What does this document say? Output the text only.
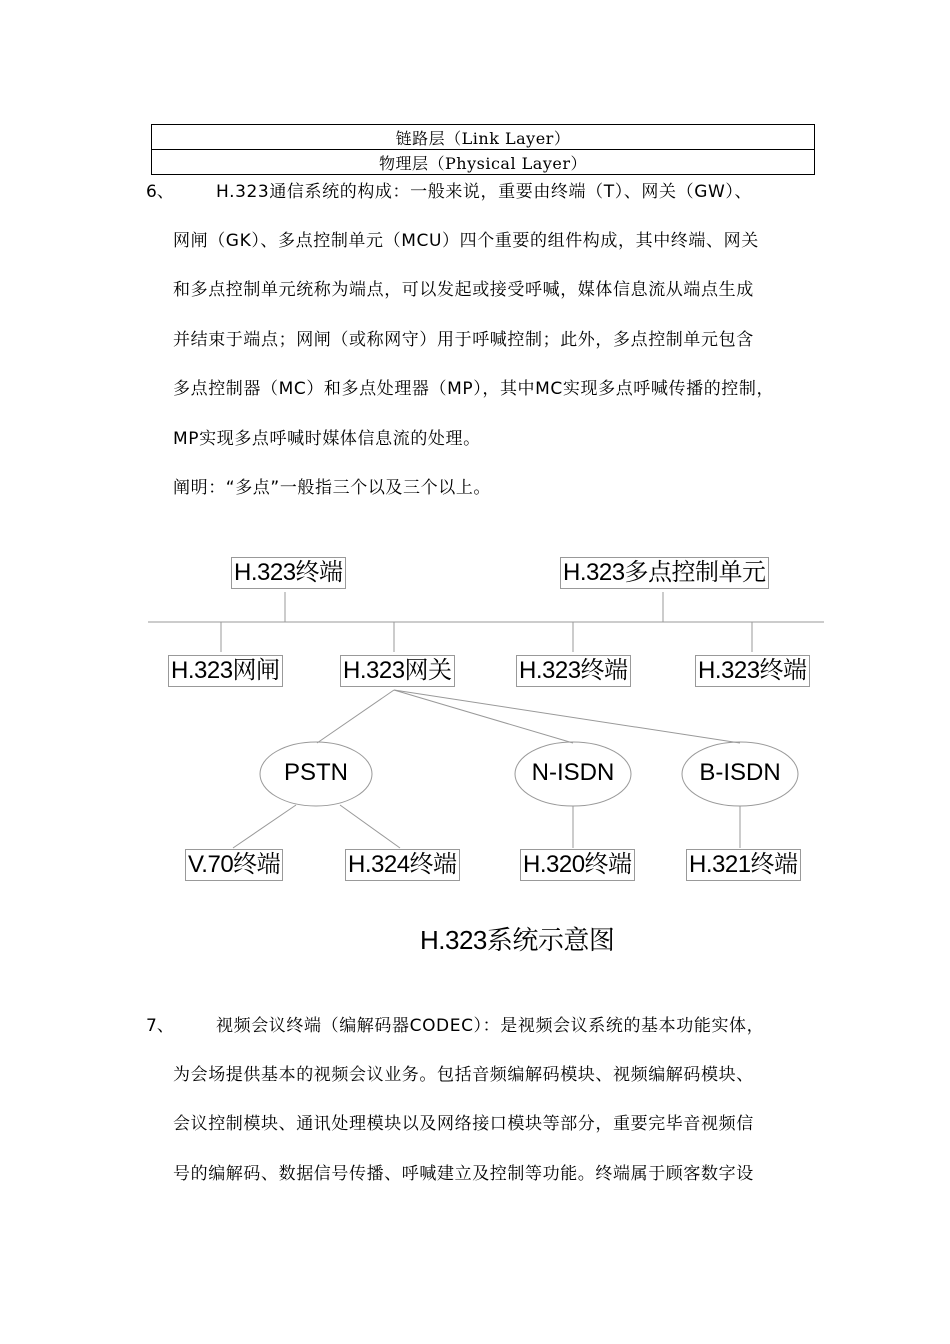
链路层（Link Layer）
物理层（Physical Layer）
6、 H.323通信系统的构成：一般来说，重要由终端（T）、网关（GW）、
网闸（GK）、多点控制单元（MCU）四个重要的组件构成，其中终端、网关
和多点控制单元统称为端点，可以发起或接受呼喊，媒体信息流从端点生成
并结束于端点；网闸（或称网守）用于呼喊控制；此外，多点控制单元包含
多点控制器（MC）和多点处理器（MP），其中MC实现多点呼喊传播的控制，
MP实现多点呼喊时媒体信息流的处理。
阐明：“多点”一般指三个以及三个以上。
H.323终端	H.323多点控制单元
H.323网闸	H.323网关	H.323终端	H.323终端
PSTN	N-ISDN	B-ISDN
V.70终端	H.324终端	H.320终端 H.321终端
H.323系统示意图
7、 视频会议终端（编解码器CODEC）：是视频会议系统的基本功能实体，
为会场提供基本的视频会议业务。包括音频编解码模块、视频编解码模块、
会议控制模块、通讯处理模块以及网络接口模块等部分，重要完毕音视频信
号的编解码、数据信号传播、呼喊建立及控制等功能。终端属于顾客数字设
